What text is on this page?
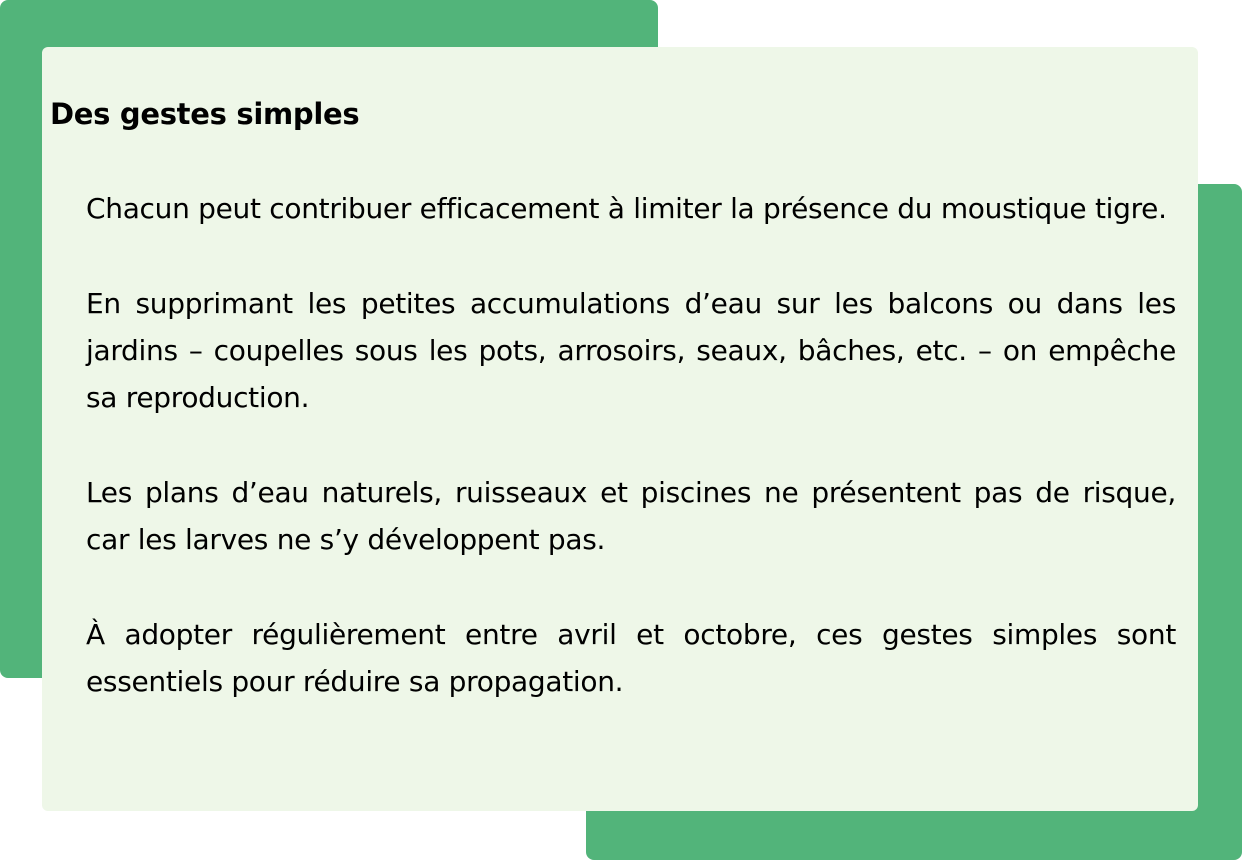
Des gestes simples

Chacun peut contribuer efficacement à limiter la présence du moustique tigre.

En supprimant les petites accumulations d’eau sur les balcons ou dans les jardins – coupelles sous les pots, arrosoirs, seaux, bâches, etc. – on empêche sa reproduction.

Les plans d’eau naturels, ruisseaux et piscines ne présentent pas de risque, car les larves ne s’y développent pas.

À adopter régulièrement entre avril et octobre, ces gestes simples sont essentiels pour réduire sa propagation.
